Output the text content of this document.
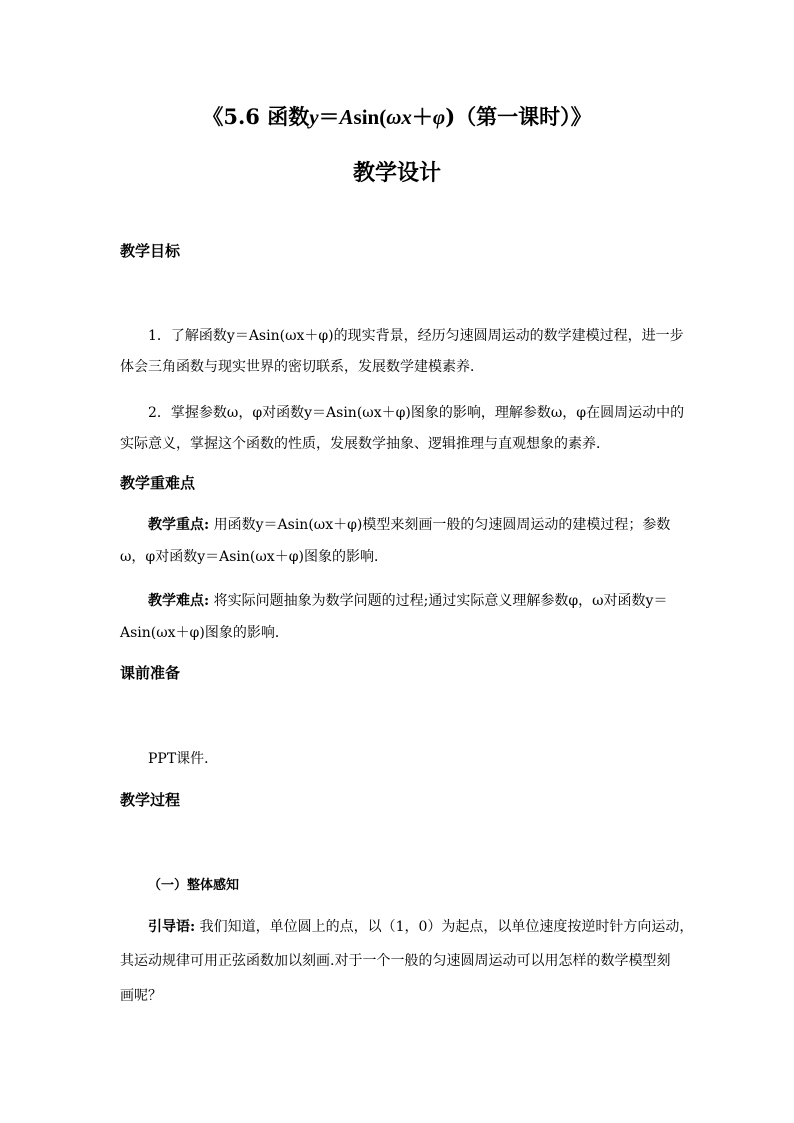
《5.6 函数y＝Asin(ωx＋φ)（第一课时）》
教学设计
教学目标
1．了解函数y＝Asin(ωx＋φ)的现实背景，经历匀速圆周运动的数学建模过程，进一步
体会三角函数与现实世界的密切联系，发展数学建模素养．
2．掌握参数ω，φ对函数y＝Asin(ωx＋φ)图象的影响，理解参数ω，φ在圆周运动中的
实际意义，掌握这个函数的性质，发展数学抽象、逻辑推理与直观想象的素养．
教学重难点
教学重点: 用函数y＝Asin(ωx＋φ)模型来刻画一般的匀速圆周运动的建模过程；参数
ω，φ对函数y＝Asin(ωx＋φ)图象的影响．
教学难点: 将实际问题抽象为数学问题的过程;通过实际意义理解参数φ，ω对函数y＝
Asin(ωx＋φ)图象的影响．
课前准备
PPT课件．
教学过程
（一）整体感知
引导语: 我们知道，单位圆上的点，以（1，0）为起点，以单位速度按逆时针方向运动，
其运动规律可用正弦函数加以刻画.对于一个一般的匀速圆周运动可以用怎样的数学模型刻
画呢？
